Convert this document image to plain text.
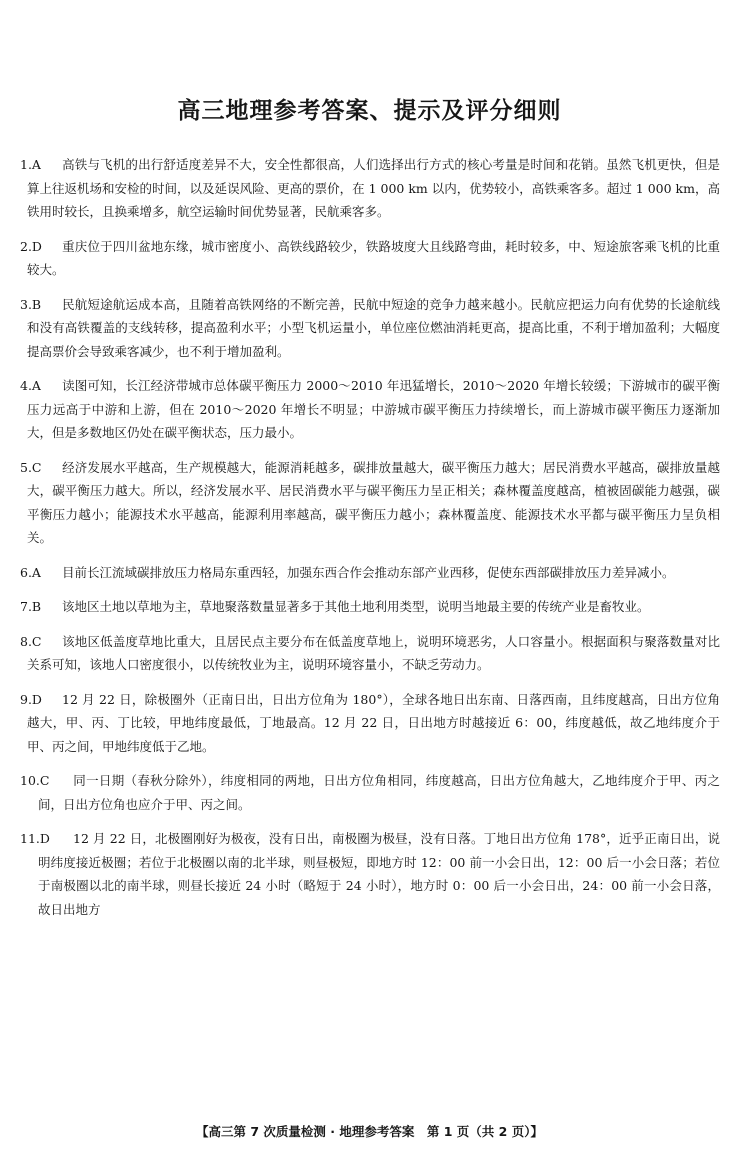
高三地理参考答案、提示及评分细则
1.A 高铁与飞机的出行舒适度差异不大，安全性都很高，人们选择出行方式的核心考量是时间和花销。虽然飞机更快，但是算上往返机场和安检的时间，以及延误风险、更高的票价，在 1 000 km 以内，优势较小，高铁乘客多。超过 1 000 km，高铁用时较长，且换乘增多，航空运输时间优势显著，民航乘客多。
2.D 重庆位于四川盆地东缘，城市密度小、高铁线路较少，铁路坡度大且线路弯曲，耗时较多，中、短途旅客乘飞机的比重较大。
3.B 民航短途航运成本高，且随着高铁网络的不断完善，民航中短途的竞争力越来越小。民航应把运力向有优势的长途航线和没有高铁覆盖的支线转移，提高盈利水平；小型飞机运量小，单位座位燃油消耗更高，提高比重，不利于增加盈利；大幅度提高票价会导致乘客减少，也不利于增加盈利。
4.A 读图可知，长江经济带城市总体碳平衡压力 2000～2010 年迅猛增长，2010～2020 年增长较缓；下游城市的碳平衡压力远高于中游和上游，但在 2010～2020 年增长不明显；中游城市碳平衡压力持续增长，而上游城市碳平衡压力逐渐加大，但是多数地区仍处在碳平衡状态，压力最小。
5.C 经济发展水平越高，生产规模越大，能源消耗越多，碳排放量越大，碳平衡压力越大；居民消费水平越高，碳排放量越大，碳平衡压力越大。所以，经济发展水平、居民消费水平与碳平衡压力呈正相关；森林覆盖度越高，植被固碳能力越强，碳平衡压力越小；能源技术水平越高，能源利用率越高，碳平衡压力越小；森林覆盖度、能源技术水平都与碳平衡压力呈负相关。
6.A 目前长江流域碳排放压力格局东重西轻，加强东西合作会推动东部产业西移，促使东西部碳排放压力差异减小。
7.B 该地区土地以草地为主，草地聚落数量显著多于其他土地利用类型，说明当地最主要的传统产业是畜牧业。
8.C 该地区低盖度草地比重大，且居民点主要分布在低盖度草地上，说明环境恶劣，人口容量小。根据面积与聚落数量对比关系可知，该地人口密度很小，以传统牧业为主，说明环境容量小，不缺乏劳动力。
9.D 12 月 22 日，除极圈外（正南日出，日出方位角为 180°），全球各地日出东南、日落西南，且纬度越高，日出方位角越大，甲、丙、丁比较，甲地纬度最低，丁地最高。12 月 22 日，日出地方时越接近 6：00，纬度越低，故乙地纬度介于甲、丙之间，甲地纬度低于乙地。
10.C 同一日期（春秋分除外），纬度相同的两地，日出方位角相同，纬度越高，日出方位角越大，乙地纬度介于甲、丙之间，日出方位角也应介于甲、丙之间。
11.D 12 月 22 日，北极圈刚好为极夜，没有日出，南极圈为极昼，没有日落。丁地日出方位角 178°，近乎正南日出，说明纬度接近极圈；若位于北极圈以南的北半球，则昼极短，即地方时 12：00 前一小会日出，12：00 后一小会日落；若位于南极圈以北的南半球，则昼长接近 24 小时（略短于 24 小时），地方时 0：00 后一小会日出，24：00 前一小会日落，故日出地方
【高三第 7 次质量检测 · 地理参考答案　第 1 页（共 2 页）】
